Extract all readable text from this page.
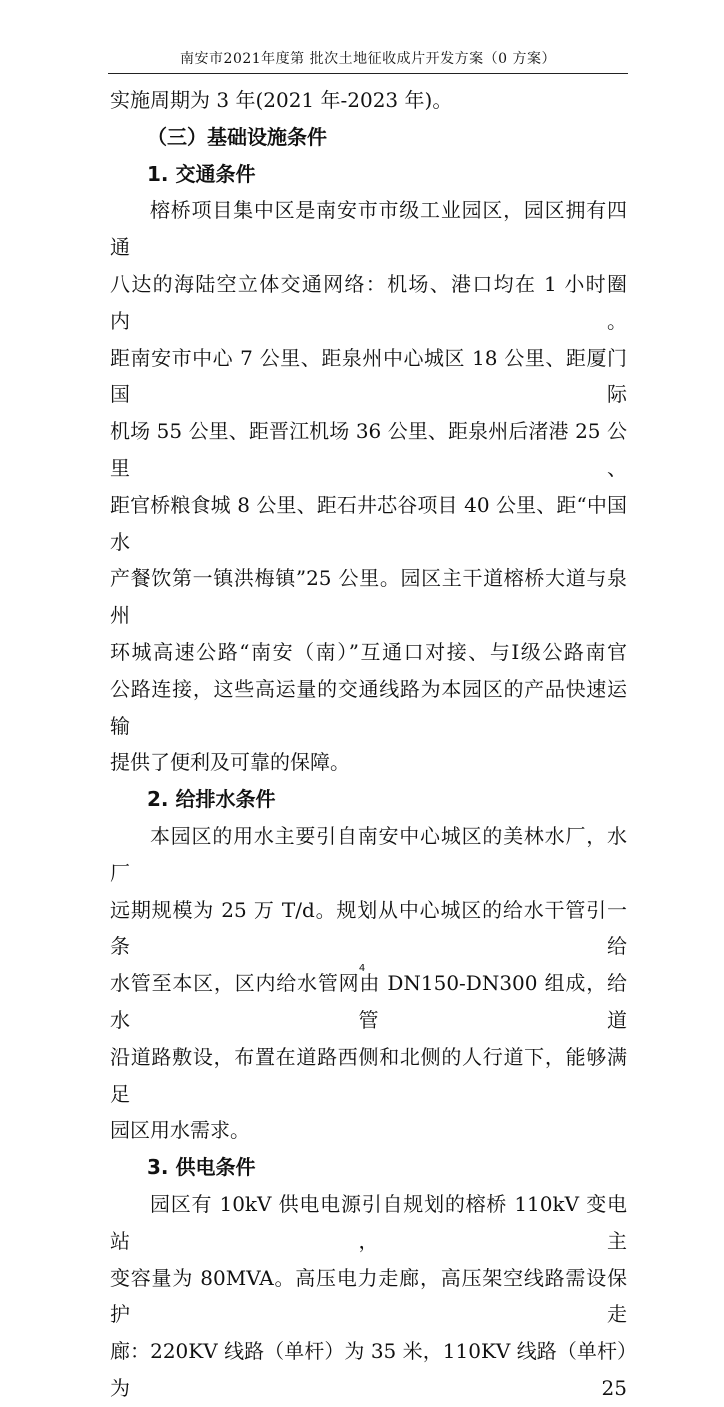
南安市2021年度第 批次土地征收成片开发方案（0 方案）

实施周期为 3 年(2021 年-2023 年)。

（三）基础设施条件

1. 交通条件

榕桥项目集中区是南安市市级工业园区，园区拥有四通

八达的海陆空立体交通网络：机场、港口均在 1 小时圈内。

距南安市中心 7 公里、距泉州中心城区 18 公里、距厦门国际

机场 55 公里、距晋江机场 36 公里、距泉州后渚港 25 公里、

距官桥粮食城 8 公里、距石井芯谷项目 40 公里、距“中国水

产餐饮第一镇洪梅镇”25 公里。园区主干道榕桥大道与泉州

环城高速公路“南安（南）”互通口对接、与Ⅰ级公路南官

公路连接，这些高运量的交通线路为本园区的产品快速运输

提供了便利及可靠的保障。

2. 给排水条件

本园区的用水主要引自南安中心城区的美林水厂，水厂

远期规模为 25 万 T/d。规划从中心城区的给水干管引一条给

水管至本区，区内给水管网由 DN150-DN300 组成，给水管道

沿道路敷设，布置在道路西侧和北侧的人行道下，能够满足

园区用水需求。

3. 供电条件

园区有 10kV 供电电源引自规划的榕桥 110kV 变电站，主

变容量为 80MVA。高压电力走廊，高压架空线路需设保护走

廊：220KV 线路（单杆）为 35 米，110KV 线路（单杆）为 25

4
